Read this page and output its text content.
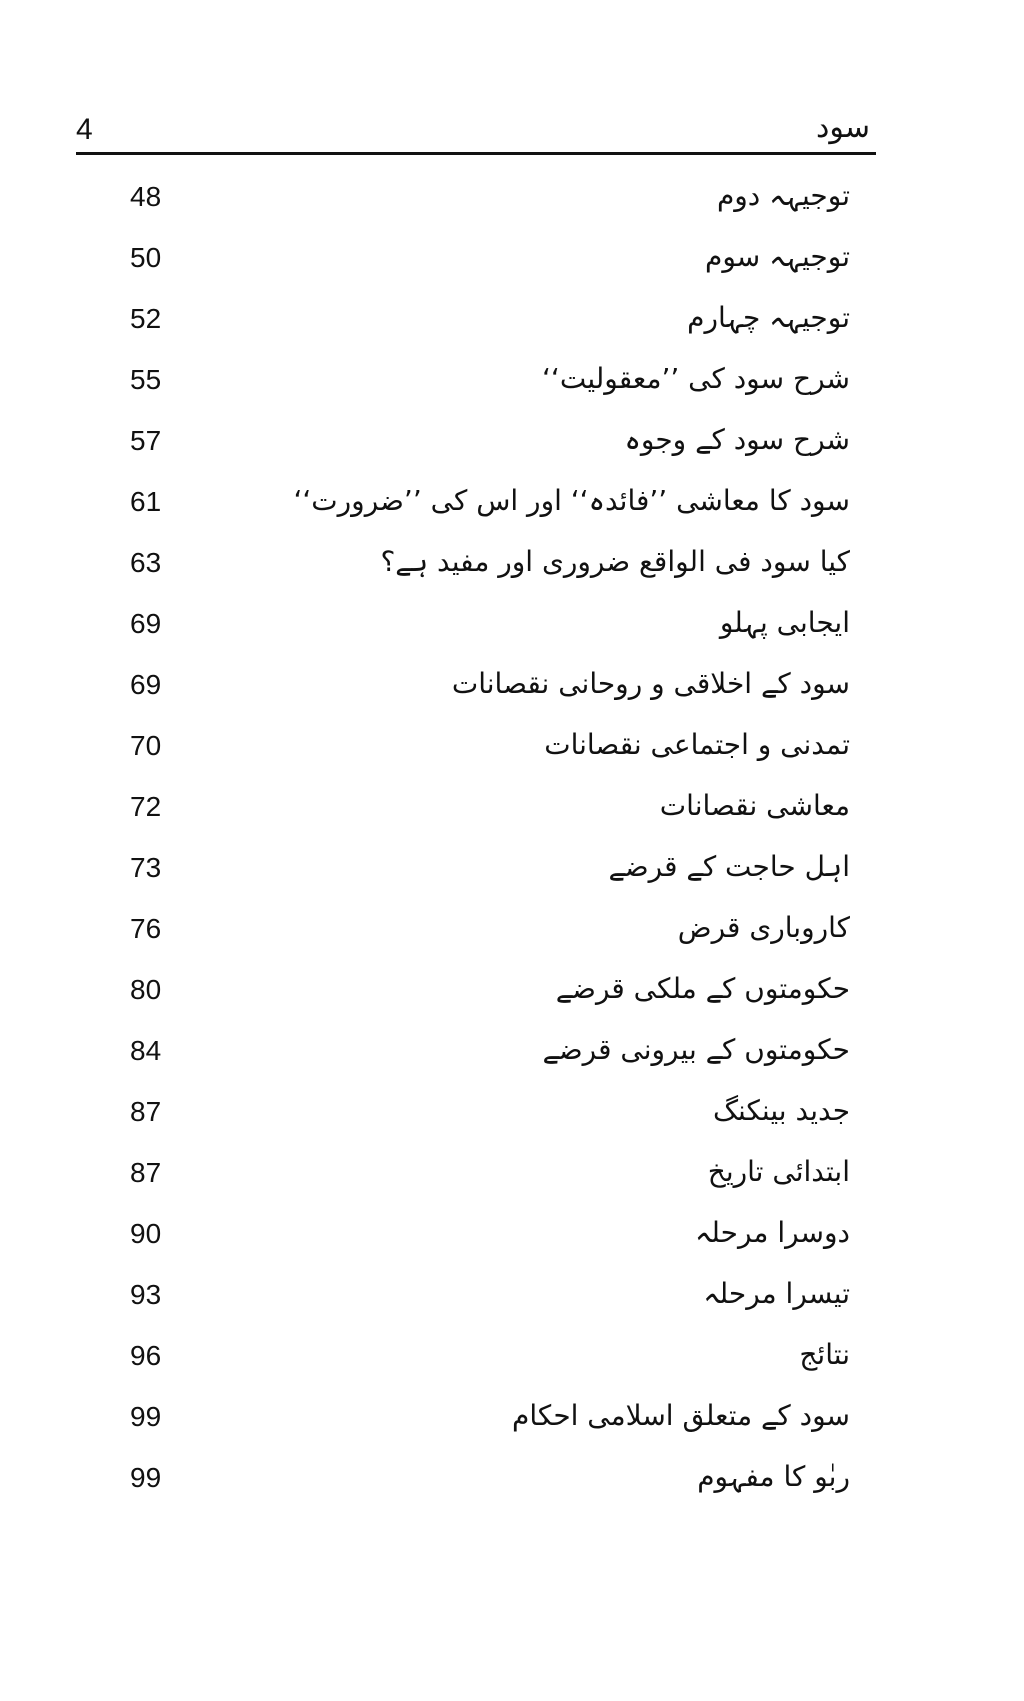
4	سود
48	توجیہہ دوم
50	توجیہہ سوم
52	توجیہہ چہارم
55	شرح سود کی ’’معقولیت‘‘
57	شرح سود کے وجوہ
61	سود کا معاشی ’’فائدہ‘‘ اور اس کی ’’ضرورت‘‘
63	کیا سود فی الواقع ضروری اور مفید ہے؟
69	ایجابی پہلو
69	سود کے اخلاقی و روحانی نقصانات
70	تمدنی و اجتماعی نقصانات
72	معاشی نقصانات
73	اہل حاجت کے قرضے
76	کاروباری قرض
80	حکومتوں کے ملکی قرضے
84	حکومتوں کے بیرونی قرضے
87	جدید بینکنگ
87	ابتدائی تاریخ
90	دوسرا مرحلہ
93	تیسرا مرحلہ
96	نتائج
99	سود کے متعلق اسلامی احکام
99	ربٰو کا مفہوم
